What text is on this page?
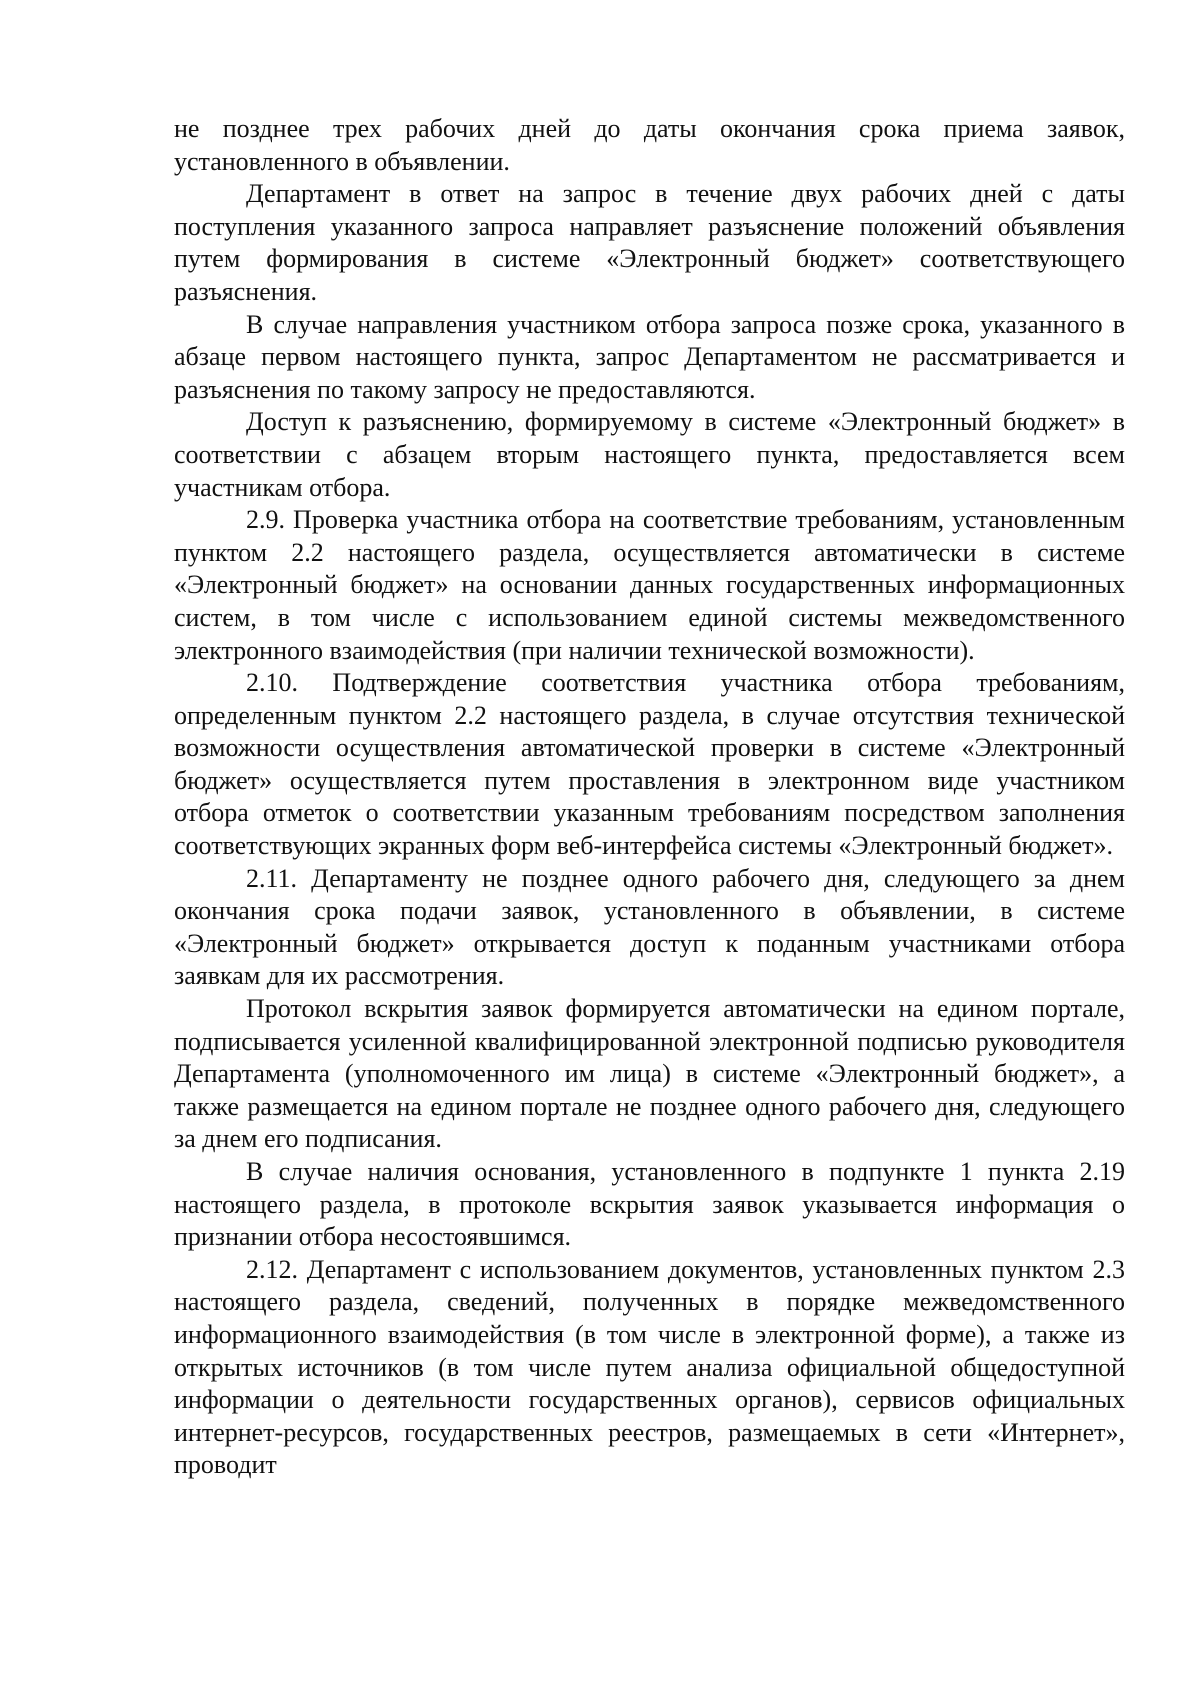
не позднее трех рабочих дней до даты окончания срока приема заявок, установленного в объявлении.

Департамент в ответ на запрос в течение двух рабочих дней с даты поступления указанного запроса направляет разъяснение положений объявления путем формирования в системе «Электронный бюджет» соответствующего разъяснения.

В случае направления участником отбора запроса позже срока, указанного в абзаце первом настоящего пункта, запрос Департаментом не рассматривается и разъяснения по такому запросу не предоставляются.

Доступ к разъяснению, формируемому в системе «Электронный бюджет» в соответствии с абзацем вторым настоящего пункта, предоставляется всем участникам отбора.

2.9. Проверка участника отбора на соответствие требованиям, установленным пунктом 2.2 настоящего раздела, осуществляется автоматически в системе «Электронный бюджет» на основании данных государственных информационных систем, в том числе с использованием единой системы межведомственного электронного взаимодействия (при наличии технической возможности).

2.10. Подтверждение соответствия участника отбора требованиям, определенным пунктом 2.2 настоящего раздела, в случае отсутствия технической возможности осуществления автоматической проверки в системе «Электронный бюджет» осуществляется путем проставления в электронном виде участником отбора отметок о соответствии указанным требованиям посредством заполнения соответствующих экранных форм веб-интерфейса системы «Электронный бюджет».

2.11. Департаменту не позднее одного рабочего дня, следующего за днем окончания срока подачи заявок, установленного в объявлении, в системе «Электронный бюджет» открывается доступ к поданным участниками отбора заявкам для их рассмотрения.

Протокол вскрытия заявок формируется автоматически на едином портале, подписывается усиленной квалифицированной электронной подписью руководителя Департамента (уполномоченного им лица) в системе «Электронный бюджет», а также размещается на едином портале не позднее одного рабочего дня, следующего за днем его подписания.

В случае наличия основания, установленного в подпункте 1 пункта 2.19 настоящего раздела, в протоколе вскрытия заявок указывается информация о признании отбора несостоявшимся.

2.12. Департамент с использованием документов, установленных пунктом 2.3 настоящего раздела, сведений, полученных в порядке межведомственного информационного взаимодействия (в том числе в электронной форме), а также из открытых источников (в том числе путем анализа официальной общедоступной информации о деятельности государственных органов), сервисов официальных интернет-ресурсов, государственных реестров, размещаемых в сети «Интернет», проводит
